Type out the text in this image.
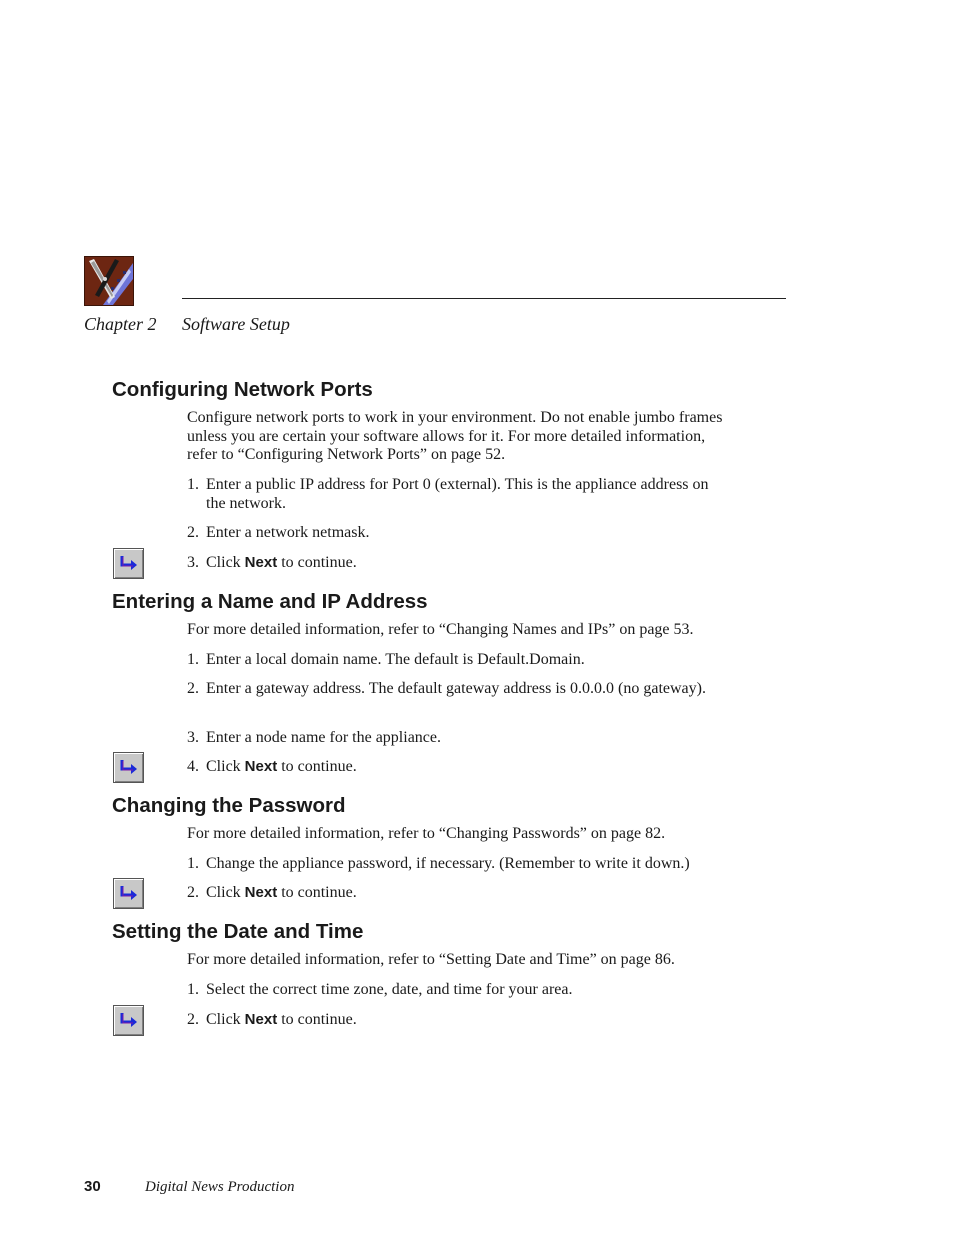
Chapter 2 Software Setup
Configuring Network Ports

Configure network ports to work in your environment. Do not enable jumbo frames unless you are certain your software allows for it. For more detailed information, refer to “Configuring Network Ports” on page 52.

1. Enter a public IP address for Port 0 (external). This is the appliance address on the network.
2. Enter a network netmask.
3. Click Next to continue.
Entering a Name and IP Address

For more detailed information, refer to “Changing Names and IPs” on page 53.

1. Enter a local domain name. The default is Default.Domain.
2. Enter a gateway address. The default gateway address is 0.0.0.0 (no gateway).
3. Enter a node name for the appliance.
4. Click Next to continue.
Changing the Password

For more detailed information, refer to “Changing Passwords” on page 82.

1. Change the appliance password, if necessary. (Remember to write it down.)
2. Click Next to continue.
Setting the Date and Time

For more detailed information, refer to “Setting Date and Time” on page 86.

1. Select the correct time zone, date, and time for your area.
2. Click Next to continue.
30	Digital News Production
